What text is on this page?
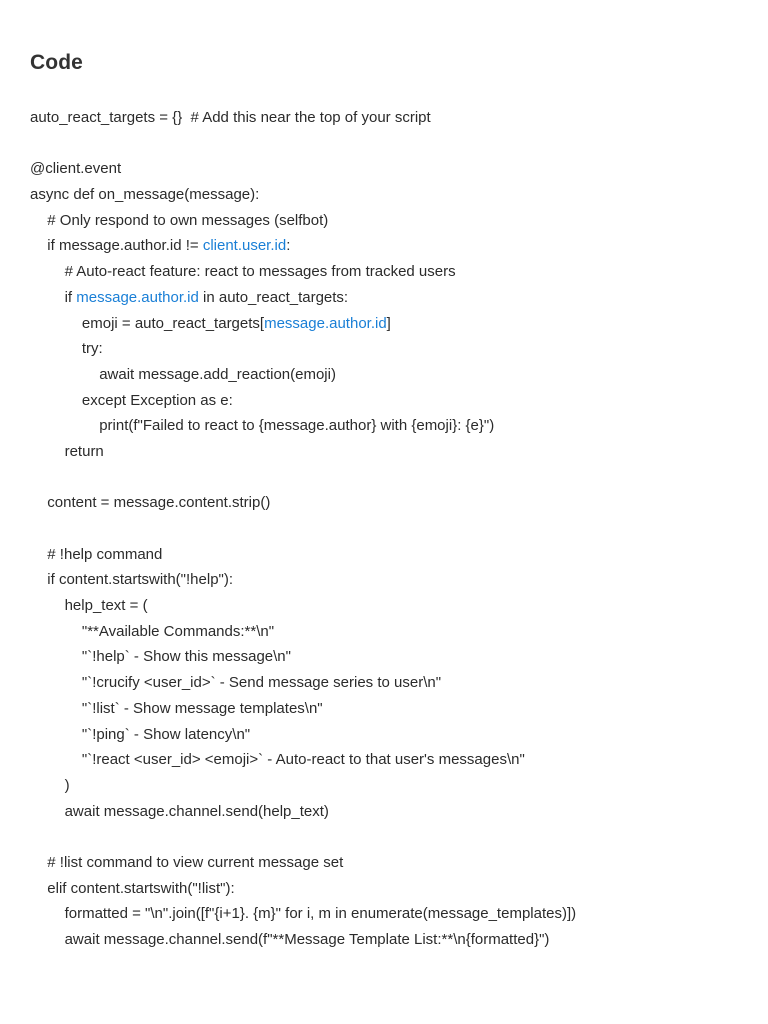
Code
auto_react_targets = {}  # Add this near the top of your script
@client.event
async def on_message(message):
# Only respond to own messages (selfbot)
if message.author.id != client.user.id:
# Auto-react feature: react to messages from tracked users
if message.author.id in auto_react_targets:
emoji = auto_react_targets[message.author.id]
try:
await message.add_reaction(emoji)
except Exception as e:
print(f"Failed to react to {message.author} with {emoji}: {e}")
return
content = message.content.strip()
# !help command
if content.startswith("!help"):
help_text = (
"**Available Commands:**\n"
"`!help` - Show this message\n"
"`!crucify <user_id>` - Send message series to user\n"
"`!list` - Show message templates\n"
"`!ping` - Show latency\n"
"`!react <user_id> <emoji>` - Auto-react to that user's messages\n"
)
await message.channel.send(help_text)
# !list command to view current message set
elif content.startswith("!list"):
formatted = "\n".join([f"{i+1}. {m}" for i, m in enumerate(message_templates)])
await message.channel.send(f"**Message Template List:**\n{formatted}")
